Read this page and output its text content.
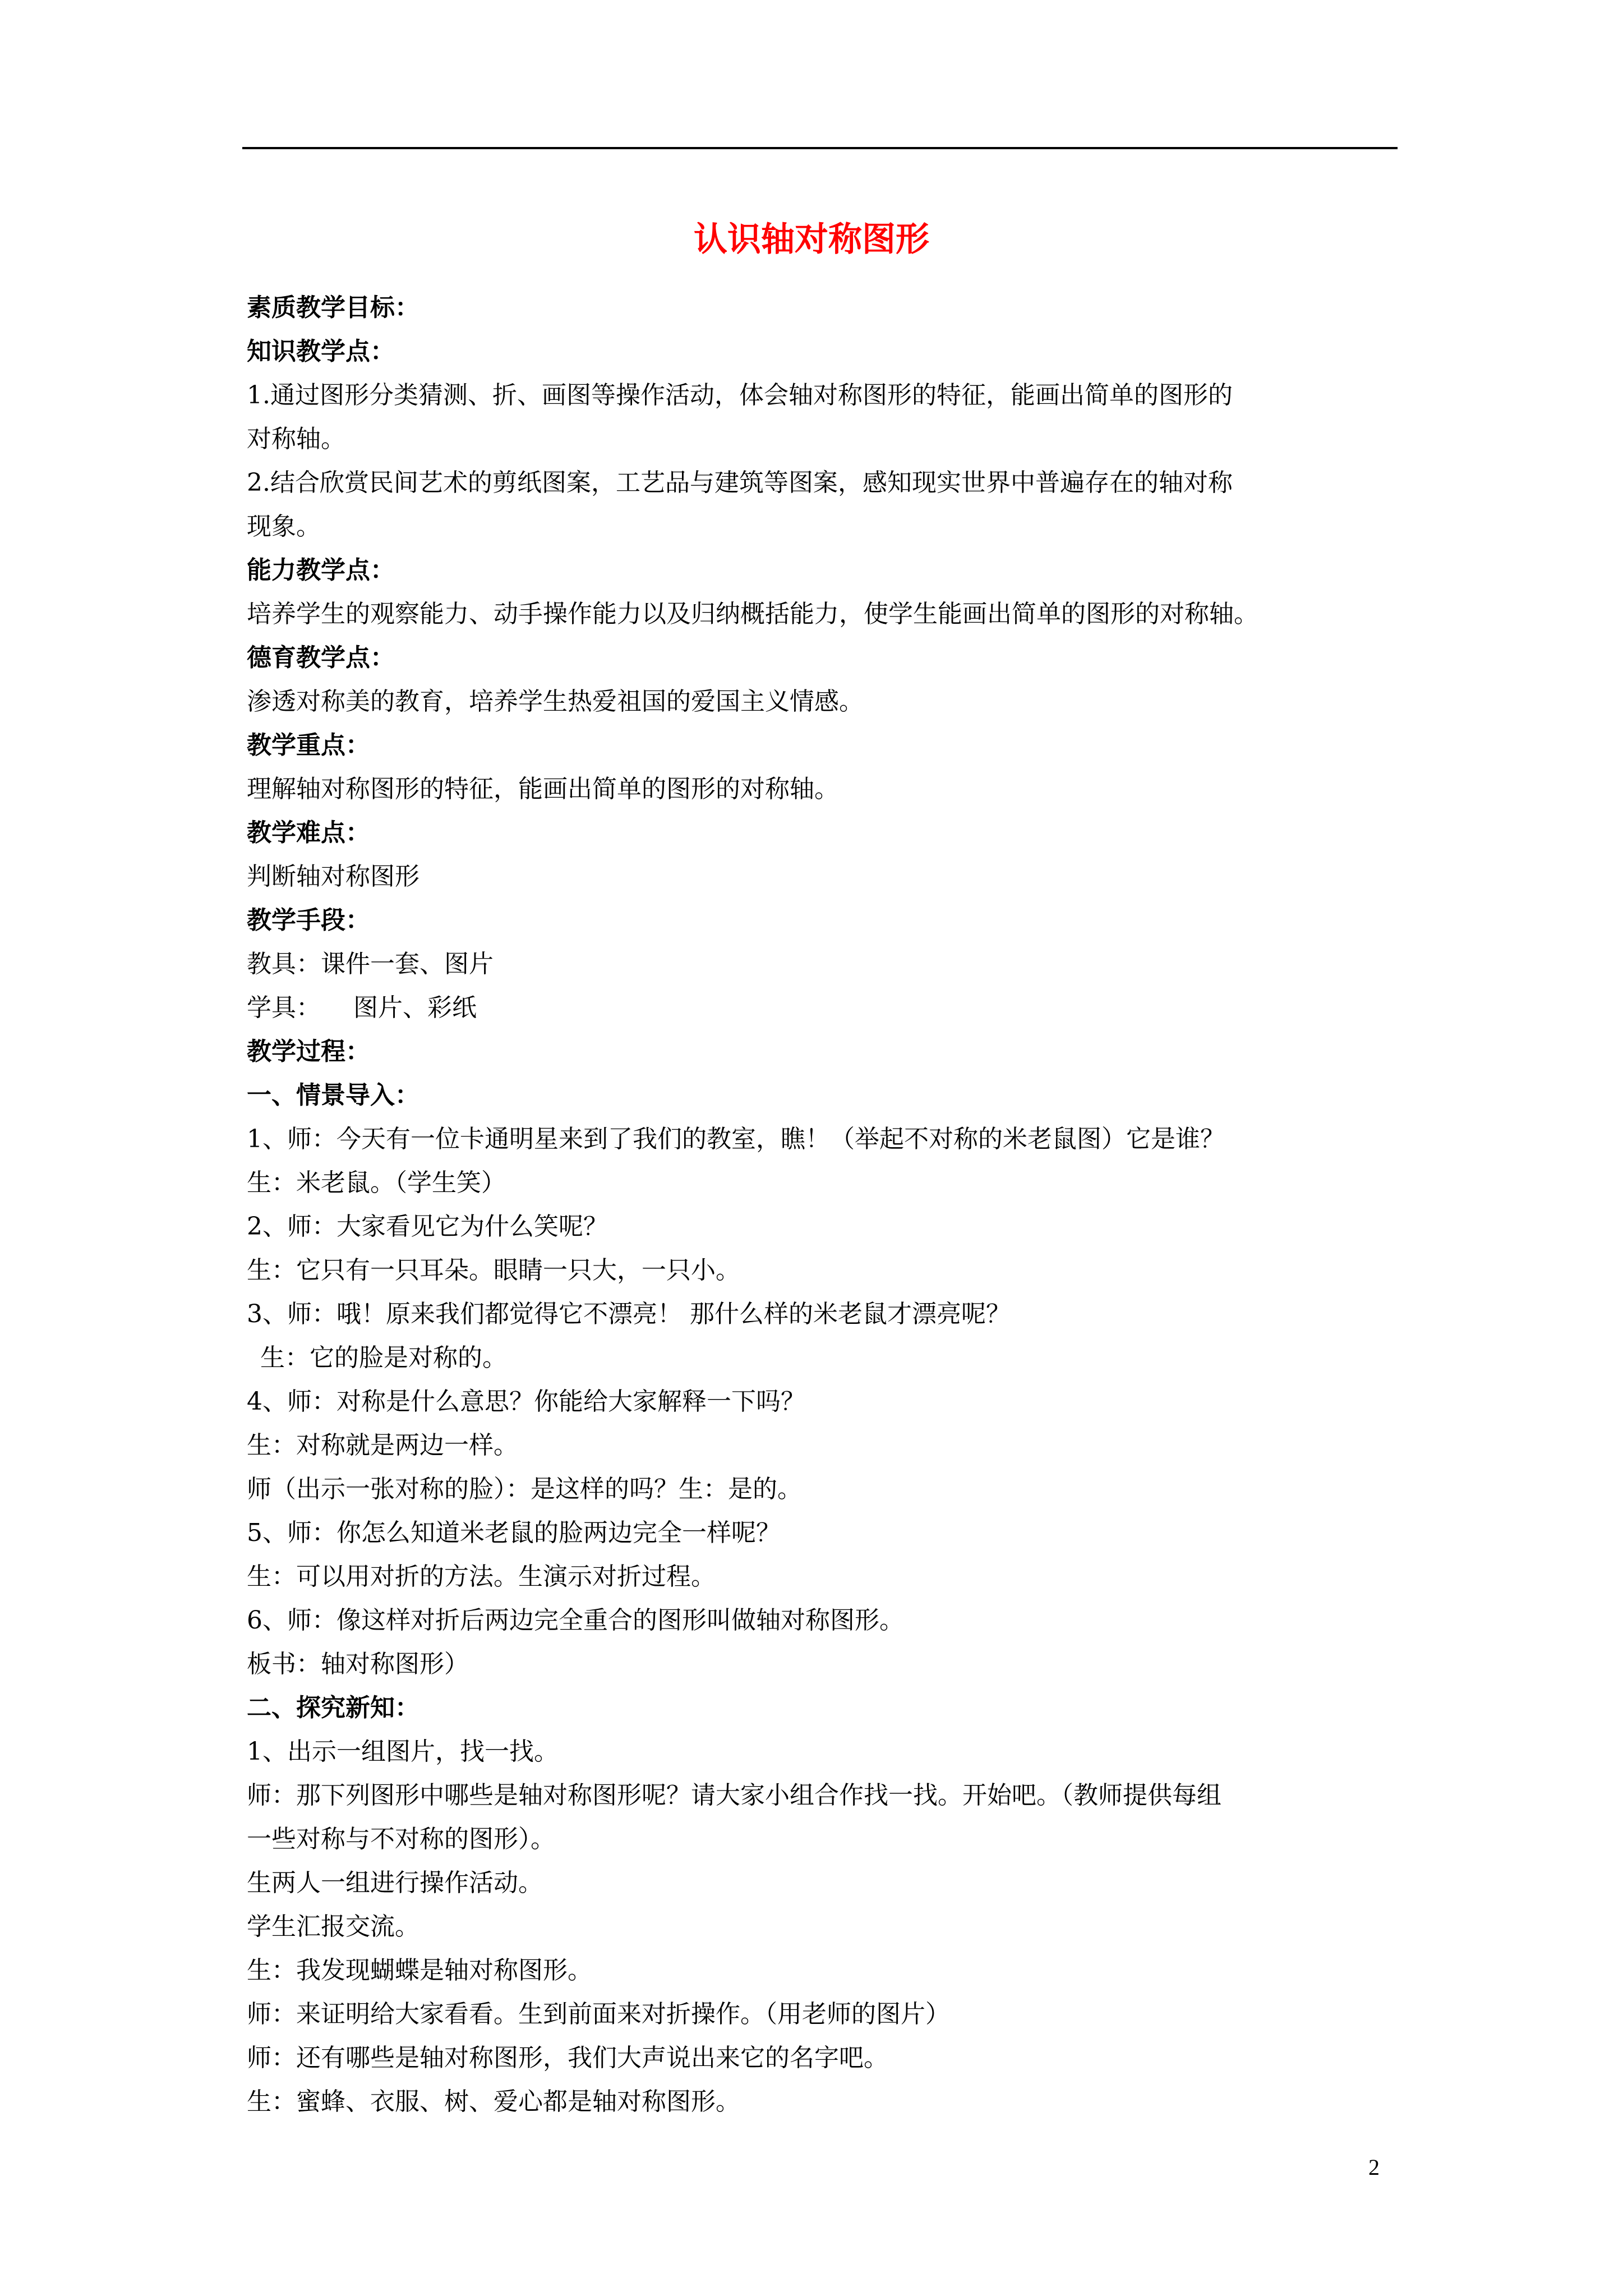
认识轴对称图形
素质教学目标：
知识教学点：
1.通过图形分类猜测、折、画图等操作活动，体会轴对称图形的特征，能画出简单的图形的
对称轴。
2.结合欣赏民间艺术的剪纸图案，工艺品与建筑等图案，感知现实世界中普遍存在的轴对称
现象。
能力教学点：
培养学生的观察能力、动手操作能力以及归纳概括能力，使学生能画出简单的图形的对称轴。
德育教学点：
渗透对称美的教育，培养学生热爱祖国的爱国主义情感。
教学重点：
理解轴对称图形的特征，能画出简单的图形的对称轴。
教学难点：
判断轴对称图形
教学手段：
教具：课件一套、图片
学具： 图片、彩纸
教学过程：
一、情景导入：
1、师：今天有一位卡通明星来到了我们的教室，瞧！（举起不对称的米老鼠图）它是谁？
生：米老鼠。（学生笑）
2、师：大家看见它为什么笑呢？
生：它只有一只耳朵。眼睛一只大，一只小。
3、师：哦！原来我们都觉得它不漂亮！ 那什么样的米老鼠才漂亮呢？
生：它的脸是对称的。
4、师：对称是什么意思？你能给大家解释一下吗？
生：对称就是两边一样。
师（出示一张对称的脸）：是这样的吗？生：是的。
5、师：你怎么知道米老鼠的脸两边完全一样呢？
生：可以用对折的方法。生演示对折过程。
6、师：像这样对折后两边完全重合的图形叫做轴对称图形。
板书：轴对称图形）
二、探究新知：
1、出示一组图片，找一找。
师：那下列图形中哪些是轴对称图形呢？请大家小组合作找一找。开始吧。（教师提供每组
一些对称与不对称的图形）。
生两人一组进行操作活动。
学生汇报交流。
生：我发现蝴蝶是轴对称图形。
师：来证明给大家看看。生到前面来对折操作。（用老师的图片）
师：还有哪些是轴对称图形，我们大声说出来它的名字吧。
生：蜜蜂、衣服、树、爱心都是轴对称图形。
2
